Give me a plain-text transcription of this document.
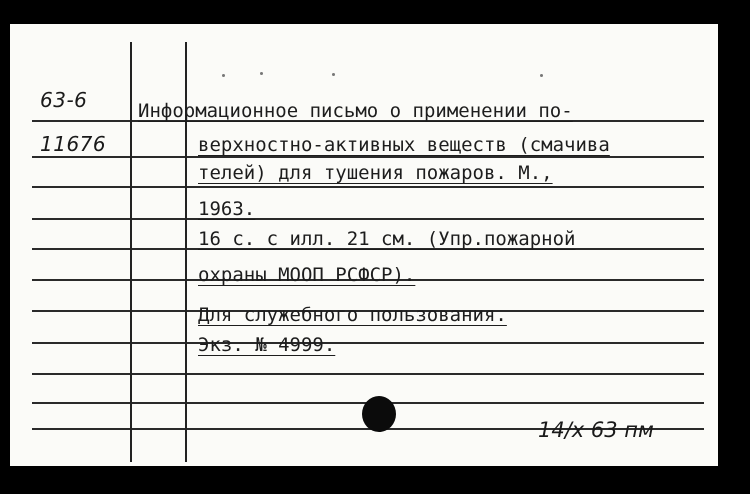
63-6
11676
Информационное письмо о применении по-
верхностно-активных веществ (смачива
телей) для тушения пожаров. М.,
1963.
16 с. с илл. 21 см. (Упр.пожарной
охраны МООП РСФСР).
Для служебного пользования.
Экз. № 4999.
14/х 63 пм
